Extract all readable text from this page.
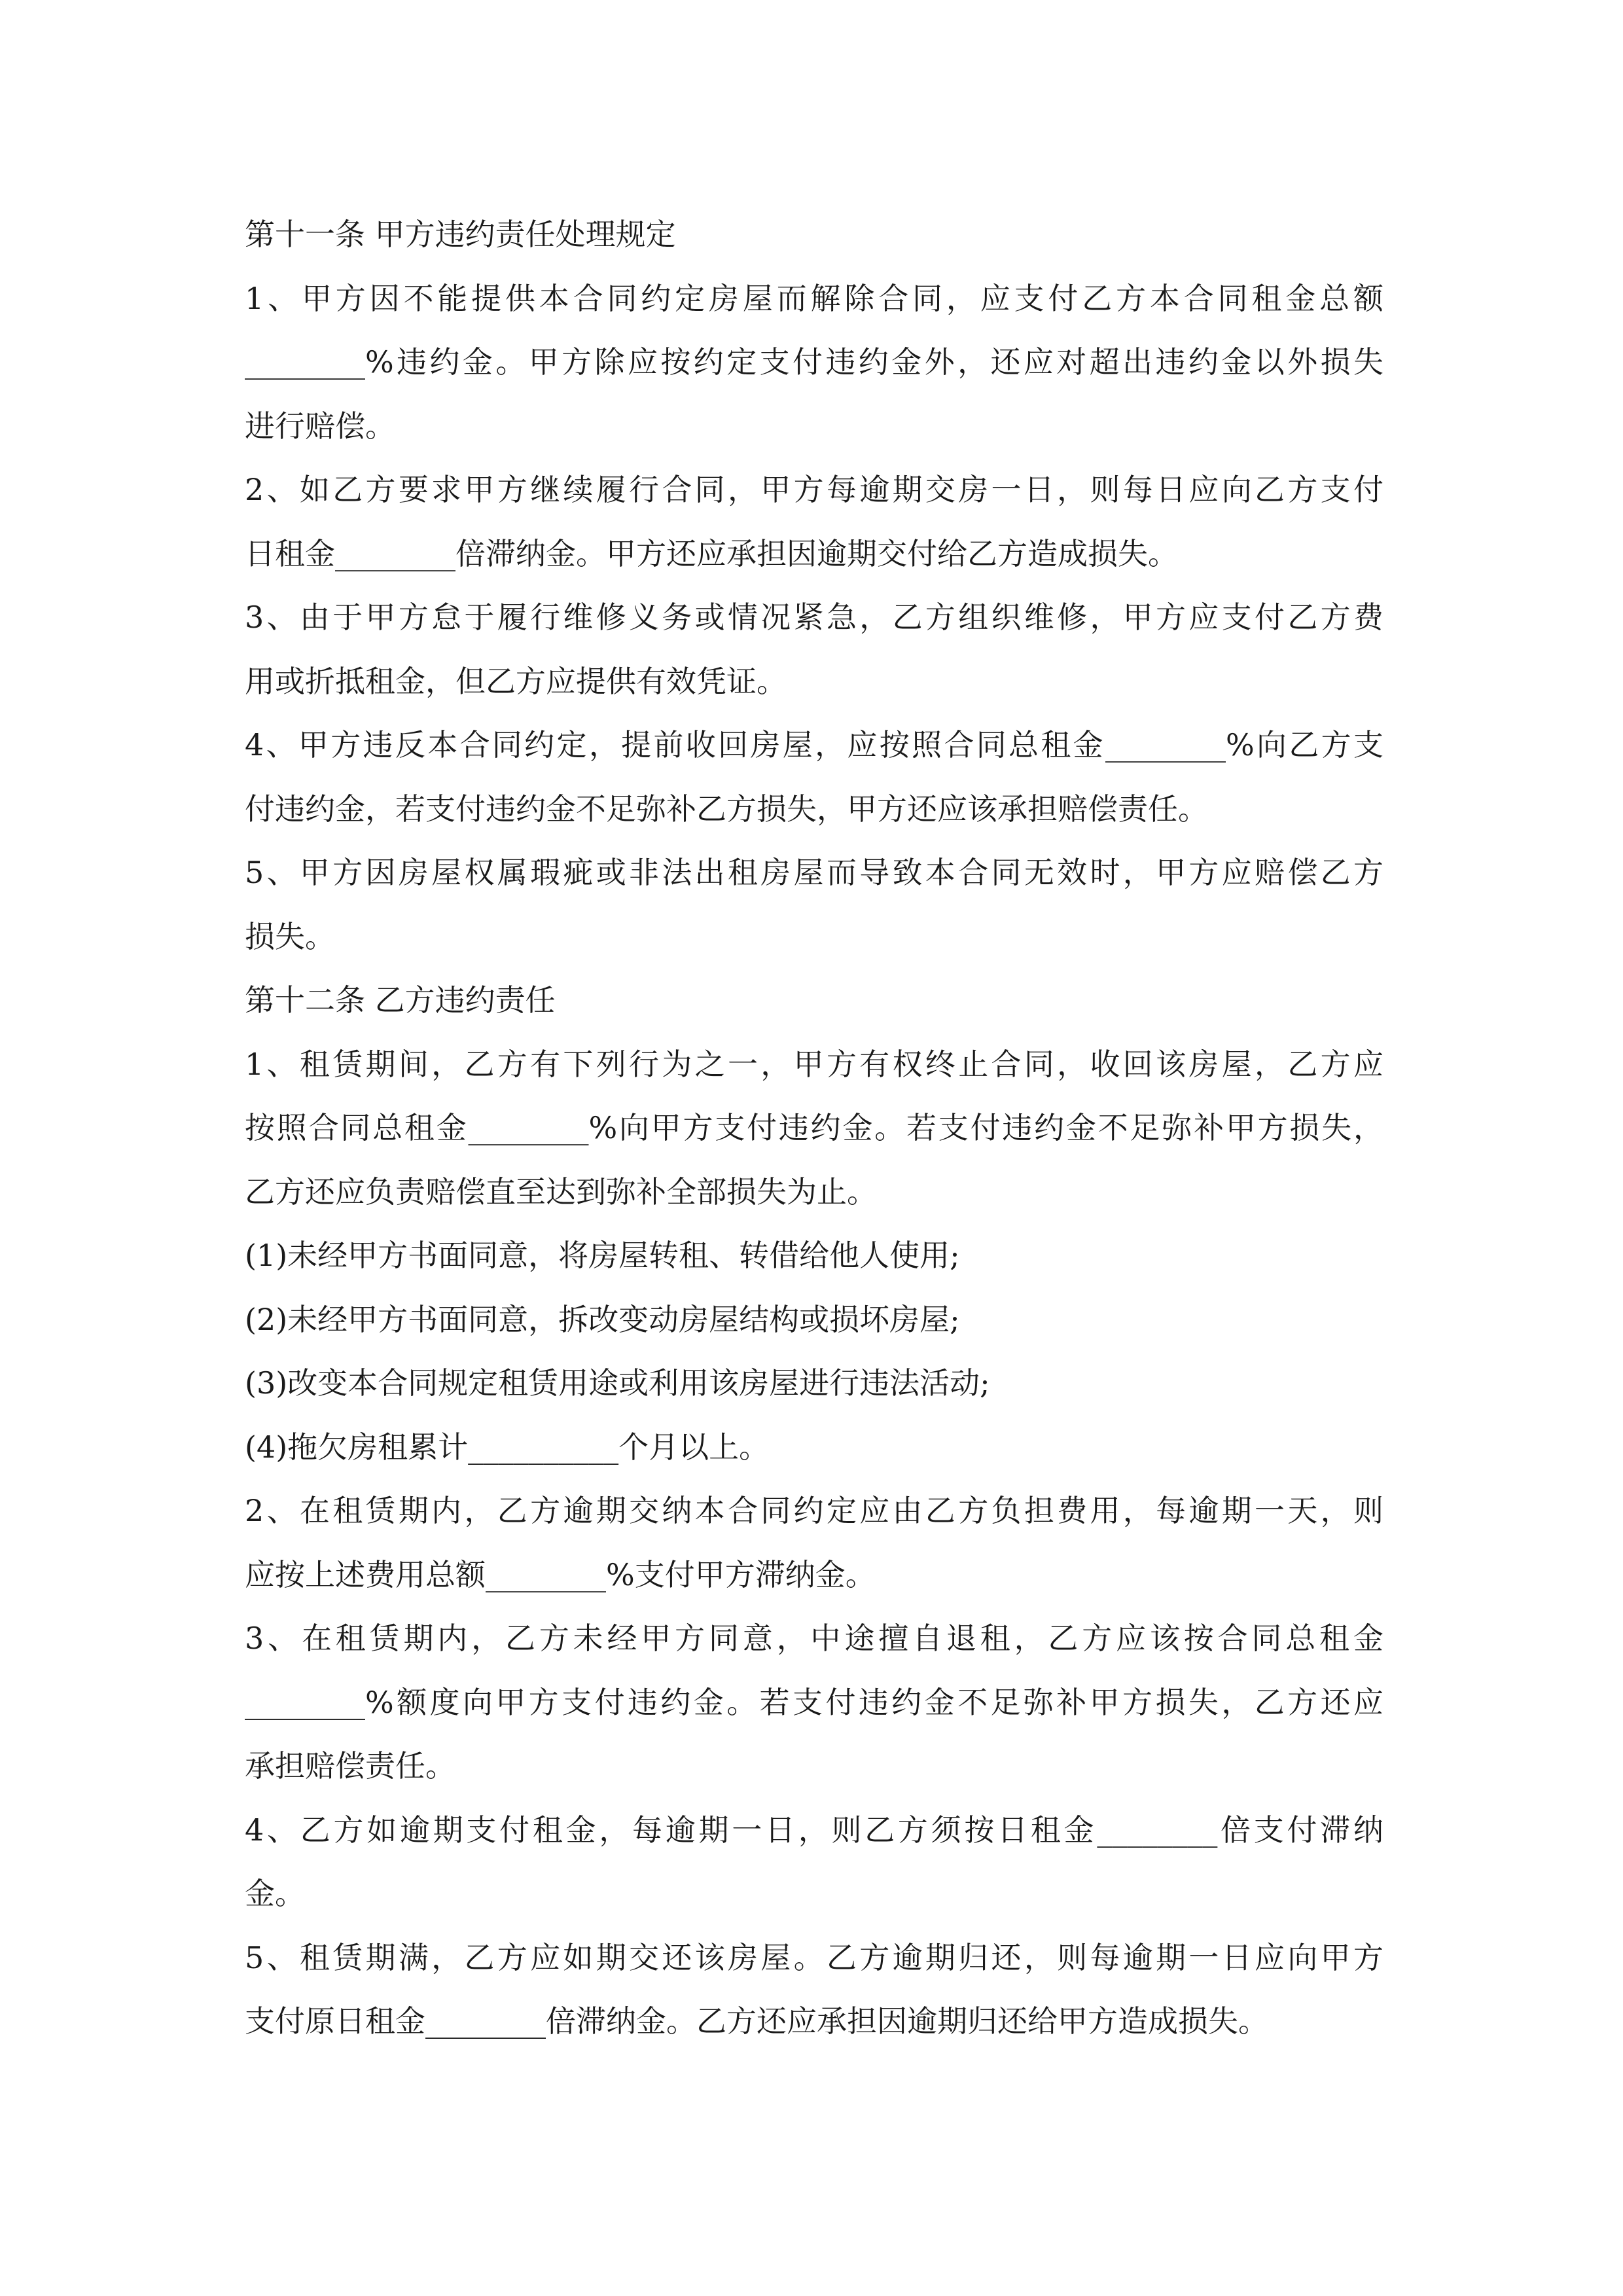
第十一条 甲方违约责任处理规定
1、甲方因不能提供本合同约定房屋而解除合同，应支付乙方本合同租金总额
________%违约金。甲方除应按约定支付违约金外，还应对超出违约金以外损失
进行赔偿。
2、如乙方要求甲方继续履行合同，甲方每逾期交房一日，则每日应向乙方支付
日租金________倍滞纳金。甲方还应承担因逾期交付给乙方造成损失。
3、由于甲方怠于履行维修义务或情况紧急，乙方组织维修，甲方应支付乙方费
用或折抵租金，但乙方应提供有效凭证。
4、甲方违反本合同约定，提前收回房屋，应按照合同总租金________%向乙方支
付违约金，若支付违约金不足弥补乙方损失，甲方还应该承担赔偿责任。
5、甲方因房屋权属瑕疵或非法出租房屋而导致本合同无效时，甲方应赔偿乙方
损失。
第十二条 乙方违约责任
1、租赁期间，乙方有下列行为之一，甲方有权终止合同，收回该房屋，乙方应
按照合同总租金________%向甲方支付违约金。若支付违约金不足弥补甲方损失，
乙方还应负责赔偿直至达到弥补全部损失为止。
(1)未经甲方书面同意，将房屋转租、转借给他人使用;
(2)未经甲方书面同意，拆改变动房屋结构或损坏房屋;
(3)改变本合同规定租赁用途或利用该房屋进行违法活动;
(4)拖欠房租累计__________个月以上。
2、在租赁期内，乙方逾期交纳本合同约定应由乙方负担费用，每逾期一天，则
应按上述费用总额________%支付甲方滞纳金。
3、在租赁期内，乙方未经甲方同意，中途擅自退租，乙方应该按合同总租金
________%额度向甲方支付违约金。若支付违约金不足弥补甲方损失，乙方还应
承担赔偿责任。
4、乙方如逾期支付租金，每逾期一日，则乙方须按日租金________倍支付滞纳
金。
5、租赁期满，乙方应如期交还该房屋。乙方逾期归还，则每逾期一日应向甲方
支付原日租金________倍滞纳金。乙方还应承担因逾期归还给甲方造成损失。
